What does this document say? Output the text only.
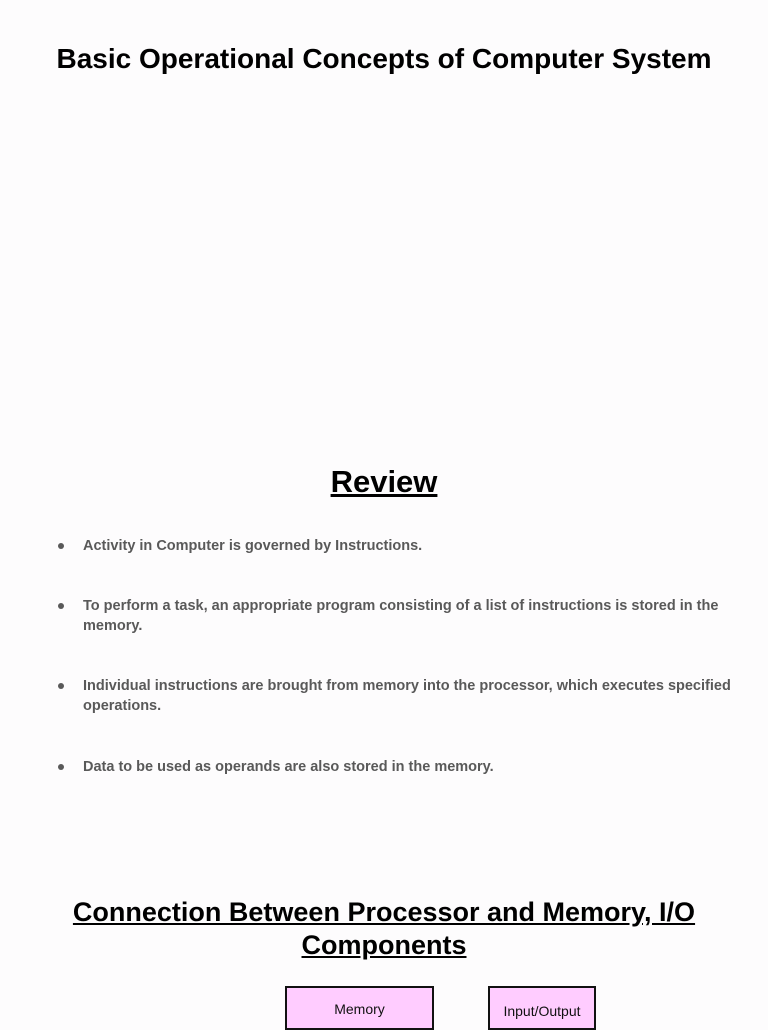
Basic Operational Concepts of Computer System
Review
Activity in Computer is governed by Instructions.
To perform a task, an appropriate program consisting of a list of instructions is stored in the memory.
Individual instructions are brought from memory into the processor, which executes specified operations.
Data to be used as operands are also stored in the memory.
Connection Between Processor and Memory, I/O Components
Memory	Input/Output
